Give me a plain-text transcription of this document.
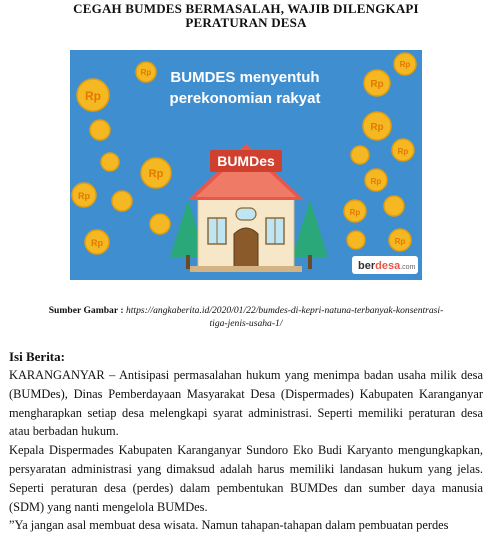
CEGAH BUMDES BERMASALAH, WAJIB DILENGKAPI
PERATURAN DESA
Rp
Rp
Rp
Rp
Rp
Rp
Rp
Rp
Rp
Rp
Rp	Rp
BUMDES menyentuh
perekonomian rakyat
BUMDes
berdesa.com
Sumber Gambar : https://angkaberita.id/2020/01/22/bumdes-di-kepri-natuna-terbanyak-konsentrasi-
tiga-jenis-usaha-1/
Isi Berita:

KARANGANYAR – Antisipasi permasalahan hukum yang menimpa badan usaha milik desa (BUMDes), Dinas Pemberdayaan Masyarakat Desa (Dispermades) Kabupaten Karanganyar mengharapkan setiap desa melengkapi syarat administrasi. Seperti memiliki peraturan desa atau berbadan hukum.

Kepala Dispermades Kabupaten Karanganyar Sundoro Eko Budi Karyanto mengungkapkan, persyaratan administrasi yang dimaksud adalah harus memiliki landasan hukum yang jelas. Seperti peraturan desa (perdes) dalam pembentukan BUMDes dan sumber daya manusia (SDM) yang nanti mengelola BUMDes.

”Ya jangan asal membuat desa wisata. Namun tahapan-tahapan dalam pembuatan perdes
